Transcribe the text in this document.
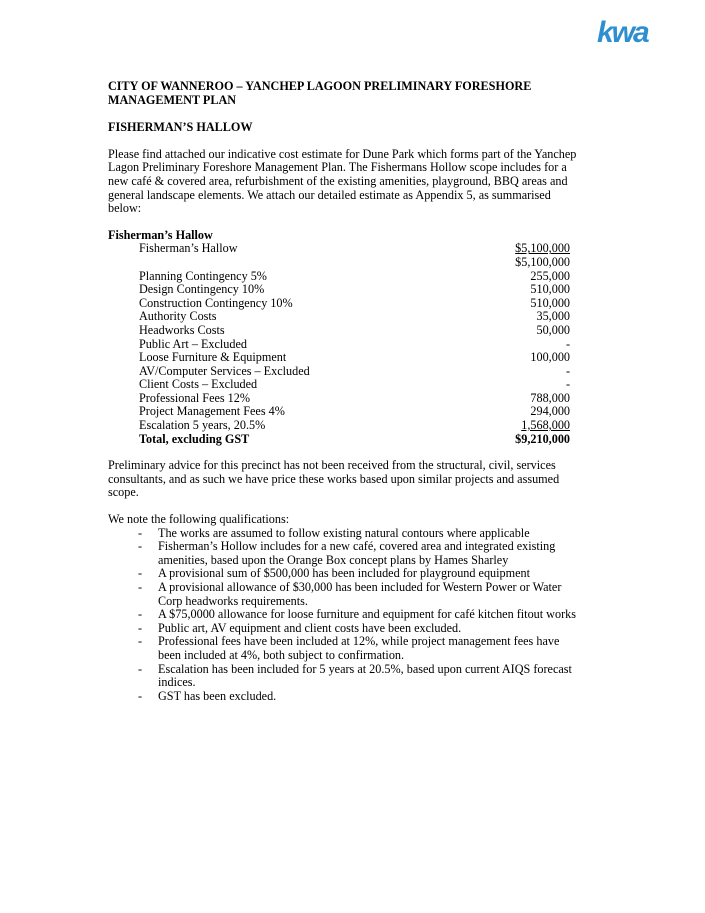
kwa

CITY OF WANNEROO – YANCHEP LAGOON PRELIMINARY FORESHORE MANAGEMENT PLAN

FISHERMAN’S HALLOW

Please find attached our indicative cost estimate for Dune Park which forms part of the Yanchep Lagon Preliminary Foreshore Management Plan. The Fishermans Hollow scope includes for a new café & covered area, refurbishment of the existing amenities, playground, BBQ areas and general landscape elements. We attach our detailed estimate as Appendix 5, as summarised below:

Fisherman’s Hallow

Fisherman’s Hallow	$5,100,000
	$5,100,000
Planning Contingency 5%	255,000
Design Contingency 10%	510,000
Construction Contingency 10%	510,000
Authority Costs	35,000
Headworks Costs	50,000
Public Art – Excluded	-
Loose Furniture & Equipment	100,000
AV/Computer Services – Excluded	-
Client Costs – Excluded	-
Professional Fees 12%	788,000
Project Management Fees 4%	294,000
Escalation 5 years, 20.5%	1,568,000
Total, excluding GST	$9,210,000

Preliminary advice for this precinct has not been received from the structural, civil, services consultants, and as such we have price these works based upon similar projects and assumed scope.

We note the following qualifications:

- The works are assumed to follow existing natural contours where applicable
- Fisherman’s Hollow includes for a new café, covered area and integrated existing amenities, based upon the Orange Box concept plans by Hames Sharley
- A provisional sum of $500,000 has been included for playground equipment
- A provisional allowance of $30,000 has been included for Western Power or Water Corp headworks requirements.
- A $75,0000 allowance for loose furniture and equipment for café kitchen fitout works
- Public art, AV equipment and client costs have been excluded.
- Professional fees have been included at 12%, while project management fees have been included at 4%, both subject to confirmation.
- Escalation has been included for 5 years at 20.5%, based upon current AIQS forecast indices.
- GST has been excluded.
